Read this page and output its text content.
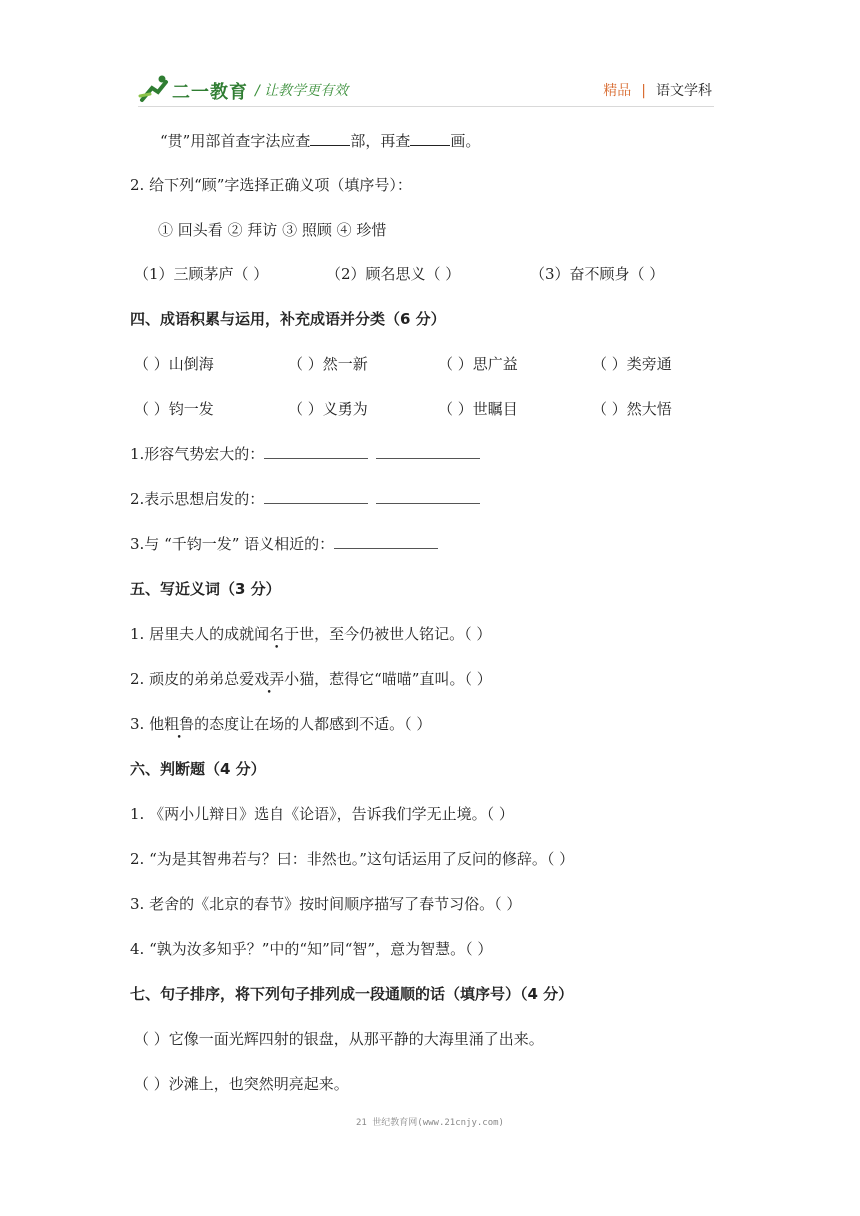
二一教育 / 让教学更有效	精品 | 语文学科
“贯”用部首查字法应查	部，再查	画。
2. 给下列“顾”字选择正确义项（填序号）：
① 回头看 ② 拜访 ③ 照顾 ④ 珍惜
（1）三顾茅庐（ ）	（2）顾名思义（ ）	（3）奋不顾身（ ）
四、成语积累与运用，补充成语并分类（6 分）
（ ）山倒海	（ ）然一新	（ ）思广益	（ ）类旁通
（ ）钧一发	（ ）义勇为	（ ）世瞩目	（ ）然大悟
1.形容气势宏大的：
2.表示思想启发的：
3.与 “千钧一发” 语义相近的：
五、写近义词（3 分）
1. 居里夫人的成就闻名于世，至今仍被世人铭记。（ ）
2. 顽皮的弟弟总爱戏弄小猫，惹得它“喵喵”直叫。（ ）
3. 他粗鲁的态度让在场的人都感到不适。（ ）
六、判断题（4 分）
1. 《两小儿辩日》选自《论语》，告诉我们学无止境。（ ）
2. “为是其智弗若与？曰：非然也。”这句话运用了反问的修辞。（ ）
3. 老舍的《北京的春节》按时间顺序描写了春节习俗。（ ）
4. “孰为汝多知乎？”中的“知”同“智”，意为智慧。（ ）
七、句子排序，将下列句子排列成一段通顺的话（填序号）（4 分）
（ ）它像一面光辉四射的银盘，从那平静的大海里涌了出来。
（ ）沙滩上，也突然明亮起来。
21 世纪教育网(www.21cnjy.com)
